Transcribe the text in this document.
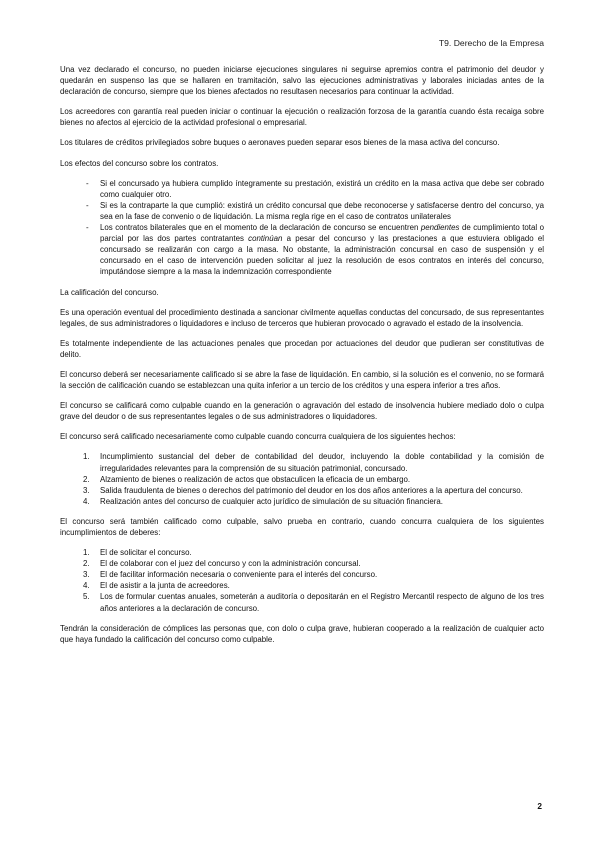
T9. Derecho de la Empresa

Una vez declarado el concurso, no pueden iniciarse ejecuciones singulares ni seguirse apremios contra el patrimonio del deudor y quedarán en suspenso las que se hallaren en tramitación, salvo las ejecuciones administrativas y laborales iniciadas antes de la declaración de concurso, siempre que los bienes afectados no resultasen necesarios para continuar la actividad.

Los acreedores con garantía real pueden iniciar o continuar la ejecución o realización forzosa de la garantía cuando ésta recaiga sobre bienes no afectos al ejercicio de la actividad profesional o empresarial.

Los titulares de créditos privilegiados sobre buques o aeronaves pueden separar esos bienes de la masa activa del concurso.

Los efectos del concurso sobre los contratos.

- Si el concursado ya hubiera cumplido íntegramente su prestación, existirá un crédito en la masa activa que debe ser cobrado como cualquier otro.
- Si es la contraparte la que cumplió: existirá un crédito concursal que debe reconocerse y satisfacerse dentro del concurso, ya sea en la fase de convenio o de liquidación. La misma regla rige en el caso de contratos unilaterales
- Los contratos bilaterales que en el momento de la declaración de concurso se encuentren pendientes de cumplimiento total o parcial por las dos partes contratantes continúan a pesar del concurso y las prestaciones a que estuviera obligado el concursado se realizarán con cargo a la masa. No obstante, la administración concursal en caso de suspensión y el concursado en el caso de intervención pueden solicitar al juez la resolución de esos contratos en interés del concurso, imputándose siempre a la masa la indemnización correspondiente

La calificación del concurso.

Es una operación eventual del procedimiento destinada a sancionar civilmente aquellas conductas del concursado, de sus representantes legales, de sus administradores o liquidadores e incluso de terceros que hubieran provocado o agravado el estado de la insolvencia.

Es totalmente independiente de las actuaciones penales que procedan por actuaciones del deudor que pudieran ser constitutivas de delito.

El concurso deberá ser necesariamente calificado si se abre la fase de liquidación. En cambio, si la solución es el convenio, no se formará la sección de calificación cuando se establezcan una quita inferior a un tercio de los créditos y una espera inferior a tres años.

El concurso se calificará como culpable cuando en la generación o agravación del estado de insolvencia hubiere mediado dolo o culpa grave del deudor o de sus representantes legales o de sus administradores o liquidadores.

El concurso será calificado necesariamente como culpable cuando concurra cualquiera de los siguientes hechos:

1. Incumplimiento sustancial del deber de contabilidad del deudor, incluyendo la doble contabilidad y la comisión de irregularidades relevantes para la comprensión de su situación patrimonial, concursado.
2. Alzamiento de bienes o realización de actos que obstaculicen la eficacia de un embargo.
3. Salida fraudulenta de bienes o derechos del patrimonio del deudor en los dos años anteriores a la apertura del concurso.
4. Realización antes del concurso de cualquier acto jurídico de simulación de su situación financiera.

El concurso será también calificado como culpable, salvo prueba en contrario, cuando concurra cualquiera de los siguientes incumplimientos de deberes:

1. El de solicitar el concurso.
2. El de colaborar con el juez del concurso y con la administración concursal.
3. El de facilitar información necesaria o conveniente para el interés del concurso.
4. El de asistir a la junta de acreedores.
5. Los de formular cuentas anuales, someterán a auditoría o depositarán en el Registro Mercantil respecto de alguno de los tres años anteriores a la declaración de concurso.

Tendrán la consideración de cómplices las personas que, con dolo o culpa grave, hubieran cooperado a la realización de cualquier acto que haya fundado la calificación del concurso como culpable.

2
